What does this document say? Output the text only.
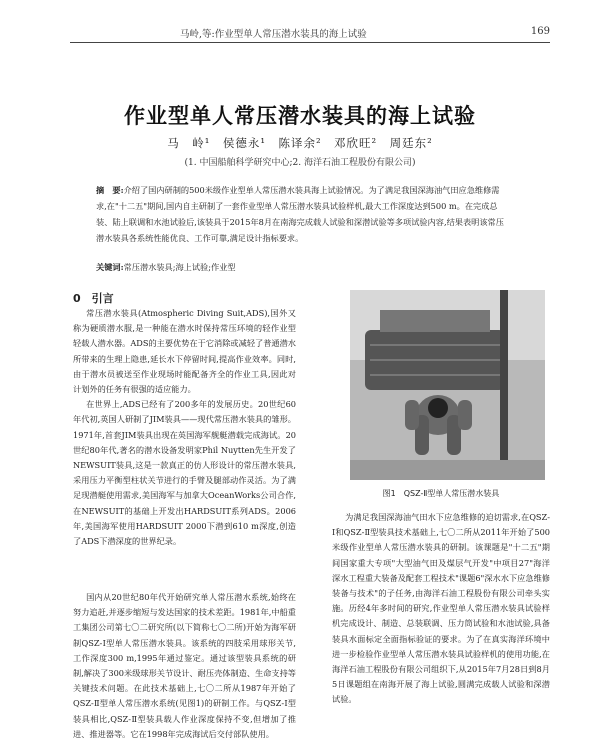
马岭,等:作业型单人常压潜水装具的海上试验	169
作业型单人常压潜水装具的海上试验
马　岭¹　侯德永¹　陈译余²　邓欣旺²　周廷东²
(1. 中国船舶科学研究中心;2. 海洋石油工程股份有限公司)
摘　要:介绍了国内研制的500米级作业型单人常压潜水装具海上试验情况。为了满足我国深海油气田应急维修需求,在"十二五"期间,国内自主研制了一套作业型单人常压潜水装具试验样机,最大工作深度达到500 m。在完成总装、陆上联调和水池试验后,该装具于2015年8月在南海完成载人试验和深潜试验等多项试验内容,结果表明该常压潜水装具各系统性能优良、工作可靠,满足设计指标要求。
关键词:常压潜水装具;海上试验;作业型
0　引言

常压潜水装具(Atmospheric Diving Suit,ADS),国外又称为硬质潜水服,是一种能在潜水时保持常压环境的轻作业型轻载人潜水器。ADS的主要优势在于它消除或减轻了普通潜水所带来的生理上隐患,延长水下停留时间,提高作业效率。同时,由于潜水员被送至作业现场时能配备齐全的作业工具,因此对计划外的任务有很强的适应能力。

在世界上,ADS已经有了200多年的发展历史。20世纪60年代初,英国人研制了JIM装具——现代常压潜水装具的雏形。1971年,首套JIM装具出现在英国海军舰艇潜载完成海试。20世纪80年代,著名的潜水设备发明家Phil Nuytten先生开发了NEWSUIT装具,这是一款真正的仿人形设计的常压潜水装具,采用压力平衡型柱状关节进行的手臂及腿部动作灵活。为了满足现潜艇使用需求,美国海军与加拿大OceanWorks公司合作,在NEWSUIT的基础上开发出HARDSUIT系列ADS。2006年,美国海军使用HARDSUIT 2000下潜到610 m深度,创造了ADS下潜深度的世界纪录。

国内从20世纪80年代开始研究单人常压潜水系统,始终在努力追赶,并逐步缩短与发达国家的技术差距。1981年,中船重工集团公司第七〇二研究所(以下简称七〇二所)开始为海军研制QSZ-Ⅰ型单人常压潜水装具。该系统的四肢采用球形关节,工作深度300 m,1995年通过鉴定。通过该型装具系统的研制,解决了300米级球形关节设计、耐压壳体制造、生命支持等关键技术问题。在此技术基础上,七〇二所从1987年开始了QSZ-Ⅱ型单人常压潜水系统(见图1)的研制工作。与QSZ-Ⅰ型装具相比,QSZ-Ⅱ型装具载人作业深度保持不变,但增加了推进、推进器等。它在1998年完成海试后交付部队使用。

图1　QSZ-Ⅱ型单人常压潜水装具

为满足我国深海油气田水下应急维修的迫切需求,在QSZ-Ⅰ和QSZ-Ⅱ型装具技术基础上,七〇二所从2011年开始了500米级作业型单人常压潜水装具的研制。该课题是"十二五"期间国家重大专项"大型油气田及煤层气开发"中项目27"海洋深水工程重大装备及配套工程技术"课题6"深水水下应急维修装备与技术"的子任务,由海洋石油工程股份有限公司牵头实施。历经4年多时间的研究,作业型单人常压潜水装具试验样机完成设计、制造、总装联调、压力筒试验和水池试验,具备装具水面标定全面指标验证的要求。为了在真实海洋环境中进一步检验作业型单人常压潜水装具试验样机的使用功能,在海洋石油工程股份有限公司组织下,从2015年7月28日到8月5日课题组在南海开展了海上试验,圆满完成载人试验和深潜试验。
